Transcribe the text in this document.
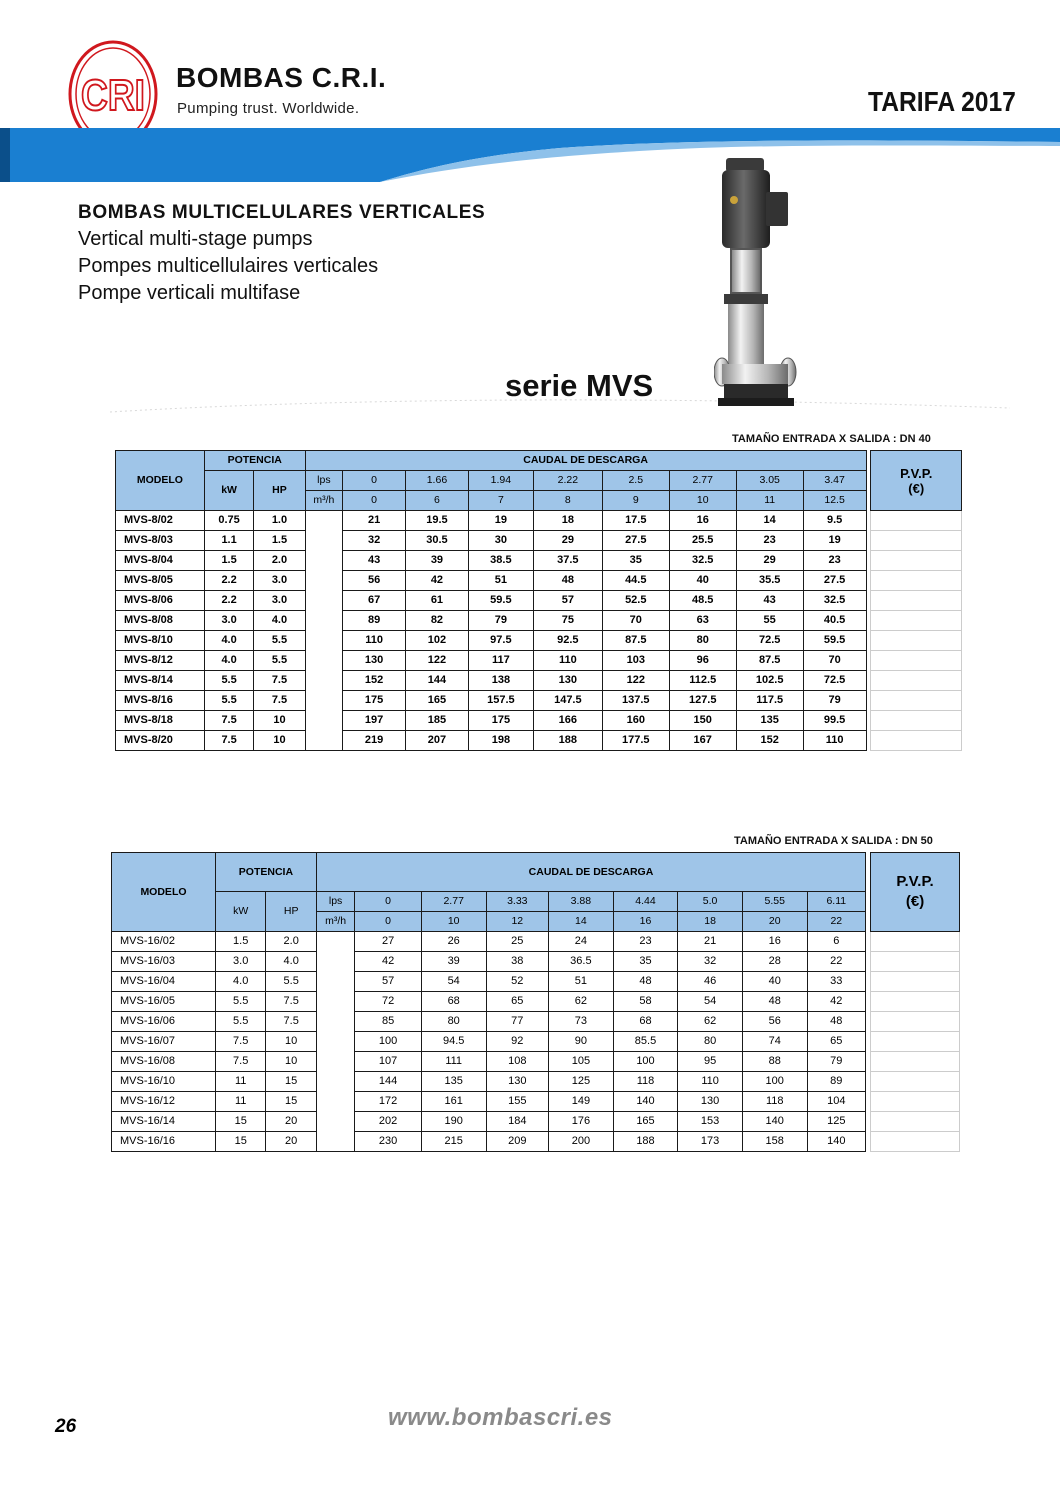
CRI BOMBAS C.R.I.
Pumping trust. Worldwide.	TARIFA 2017
BOMBAS MULTICELULARES VERTICALES
Vertical multi-stage pumps
Pompes multicellulaires verticales
Pompe verticali multifase
serie MVS
TAMAÑO ENTRADA X SALIDA : DN 40
MODELO	POTENCIA		CAUDAL DE DESCARGA										P.V.P.
(€)
	kW	HP	lps	0	1.66	1.94	2.22	2.5	2.77	3.05	3.47		
			m³/h	0	6	7	8	9	10	11	12.5		
MVS-8/02	0.75	1.0		21	19.5	19	18	17.5	16	14	9.5		
MVS-8/03	1.1	1.5		32	30.5	30	29	27.5	25.5	23	19		
MVS-8/04	1.5	2.0		43	39	38.5	37.5	35	32.5	29	23		
MVS-8/05	2.2	3.0		56	42	51	48	44.5	40	35.5	27.5		
MVS-8/06	2.2	3.0		67	61	59.5	57	52.5	48.5	43	32.5		
MVS-8/08	3.0	4.0		89	82	79	75	70	63	55	40.5		
MVS-8/10	4.0	5.5		110	102	97.5	92.5	87.5	80	72.5	59.5		
MVS-8/12	4.0	5.5		130	122	117	110	103	96	87.5	70		
MVS-8/14	5.5	7.5		152	144	138	130	122	112.5	102.5	72.5		
MVS-8/16	5.5	7.5		175	165	157.5	147.5	137.5	127.5	117.5	79		
MVS-8/18	7.5	10		197	185	175	166	160	150	135	99.5		
MVS-8/20	7.5	10		219	207	198	188	177.5	167	152	110		
TAMAÑO ENTRADA X SALIDA : DN 50
MODELO	POTENCIA		CAUDAL DE DESCARGA										P.V.P.
(€)
	kW	HP	lps	0	2.77	3.33	3.88	4.44	5.0	5.55	6.11		
			m³/h	0	10	12	14	16	18	20	22		
MVS-16/02	1.5	2.0		27	26	25	24	23	21	16	6		
MVS-16/03	3.0	4.0		42	39	38	36.5	35	32	28	22		
MVS-16/04	4.0	5.5		57	54	52	51	48	46	40	33		
MVS-16/05	5.5	7.5		72	68	65	62	58	54	48	42		
MVS-16/06	5.5	7.5		85	80	77	73	68	62	56	48		
MVS-16/07	7.5	10		100	94.5	92	90	85.5	80	74	65		
MVS-16/08	7.5	10		107	111	108	105	100	95	88	79		
MVS-16/10	11	15		144	135	130	125	118	110	100	89		
MVS-16/12	11	15		172	161	155	149	140	130	118	104		
MVS-16/14	15	20		202	190	184	176	165	153	140	125		
MVS-16/16	15	20		230	215	209	200	188	173	158	140		
26	www.bombascri.es
